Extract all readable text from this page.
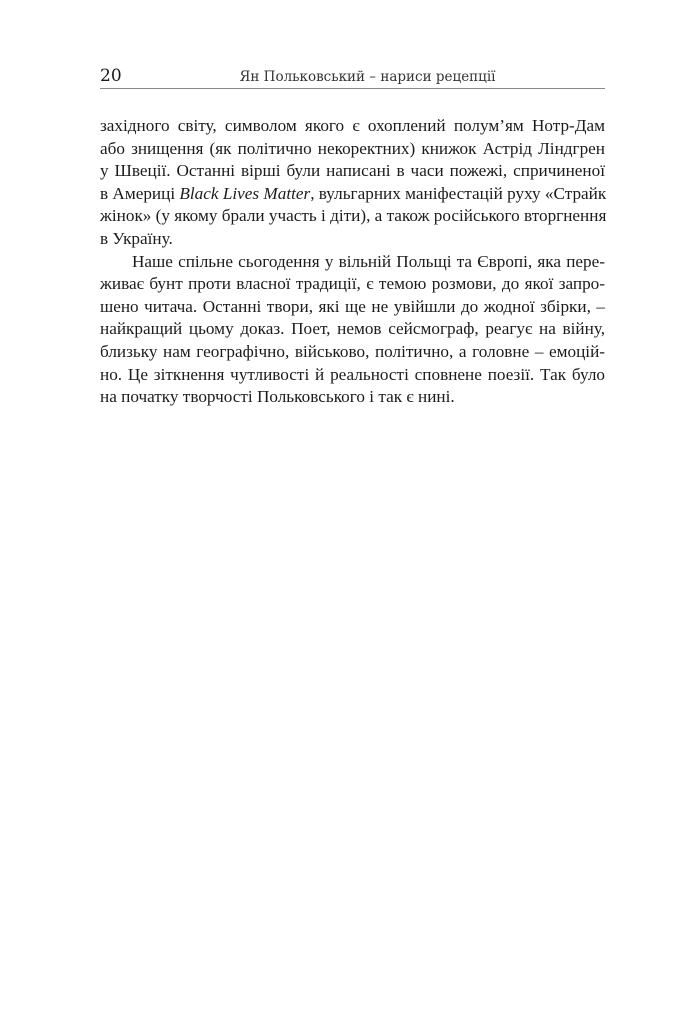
20	Ян Польковський – нариси рецепції
західного світу, символом якого є охоплений полум’ям Нотр-Дам
або знищення (як політично некоректних) книжок Астрід Ліндгрен
у Швеції. Останні вірші були написані в часи пожежі, спричиненої
в Америці Black Lives Matter, вульгарних маніфестацій руху «Страйк
жінок» (у якому брали участь і діти), а також російського вторгнення
в Україну.
Наше спільне сьогодення у вільній Польщі та Європі, яка пере-
живає бунт проти власної традиції, є темою розмови, до якої запро-
шено читача. Останні твори, які ще не увійшли до жодної збірки, –
найкращий цьому доказ. Поет, немов сейсмограф, реагує на війну,
близьку нам географічно, військово, політично, а головне – емоцій-
но. Це зіткнення чутливості й реальності сповнене поезії. Так було
на початку творчості Польковського і так є нині.
